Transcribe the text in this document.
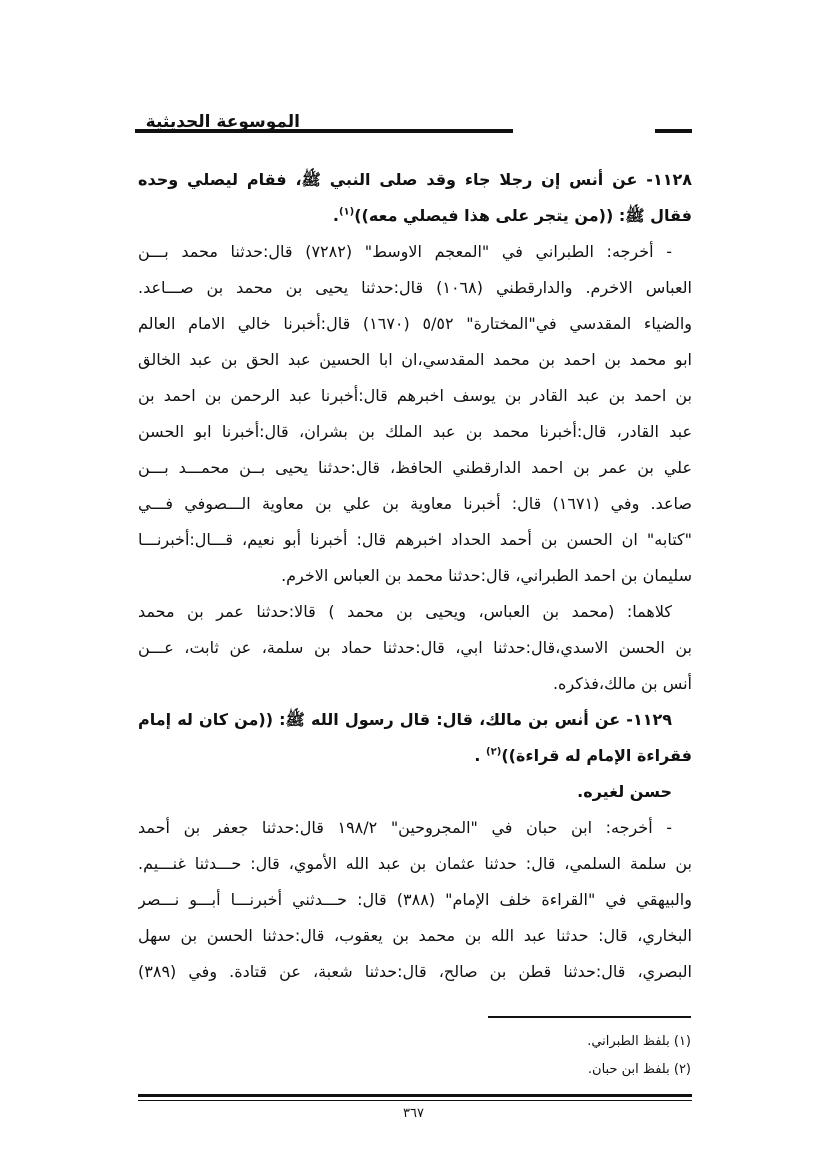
الموسوعة الحديثية
١١٢٨- عن أنس إن رجلا جاء وقد صلى النبي ﷺ، فقام ليصلي وحده
فقال ﷺ: ((من يتجر على هذا فيصلي معه))$^{(١)}$.
- أخرجه: الطبراني في "المعجم الاوسط" (٧٢٨٢) قال:حدثنا محمد بـــن
العباس الاخرم. والدارقطني (١٠٦٨) قال:حدثنا يحيى بن محمد بن صـــاعد.
والضياء المقدسي في"المختارة" ٥/٥٢ (١٦٧٠) قال:أخبرنا خالي الامام العالم
ابو محمد بن احمد بن محمد المقدسي،ان ابا الحسين عبد الحق بن عبد الخالق
بن احمد بن عبد القادر بن يوسف اخبرهم قال:أخبرنا عبد الرحمن بن احمد بن
عبد القادر، قال:أخبرنا محمد بن عبد الملك بن بشران، قال:أخبرنا ابو الحسن
علي بن عمر بن احمد الدارقطني الحافظ، قال:حدثنا يحيى بــن محمـــد بـــن
صاعد. وفي (١٦٧١) قال: أخبرنا معاوية بن علي بن معاوية الـــصوفي فـــي
"كتابه" ان الحسن بن أحمد الحداد اخبرهم قال: أخبرنا أبو نعيم، قـــال:أخبرنـــا
سليمان بن احمد الطبراني، قال:حدثنا محمد بن العباس الاخرم.
كلاهما: (محمد بن العباس، ويحيى بن محمد ) قالا:حدثنا عمر بن محمد
بن الحسن الاسدي،قال:حدثنا ابي، قال:حدثنا حماد بن سلمة، عن ثابت، عـــن
أنس بن مالك،فذكره.
١١٢٩- عن أنس بن مالك، قال: قال رسول الله ﷺ: ((من كان له إمام
فقراءة الإمام له قراءة))$^{(٢)}$ .
حسن لغيره.
- أخرجه: ابن حبان في "المجروحين" ١٩٨/٢ قال:حدثنا جعفر بن أحمد
بن سلمة السلمي، قال: حدثنا عثمان بن عبد الله الأموي، قال: حـــدثنا غنـــيم.
والبيهقي في "القراءة خلف الإمام" (٣٨٨) قال: حـــدثني أخبرنـــا أبـــو نـــصر
البخاري، قال: حدثنا عبد الله بن محمد بن يعقوب، قال:حدثنا الحسن بن سهل
البصري، قال:حدثنا قطن بن صالح، قال:حدثنا شعبة، عن قتادة. وفي (٣٨٩)
(١) بلفظ الطبراني.
(٢) بلفظ ابن حبان.
٣٦٧
